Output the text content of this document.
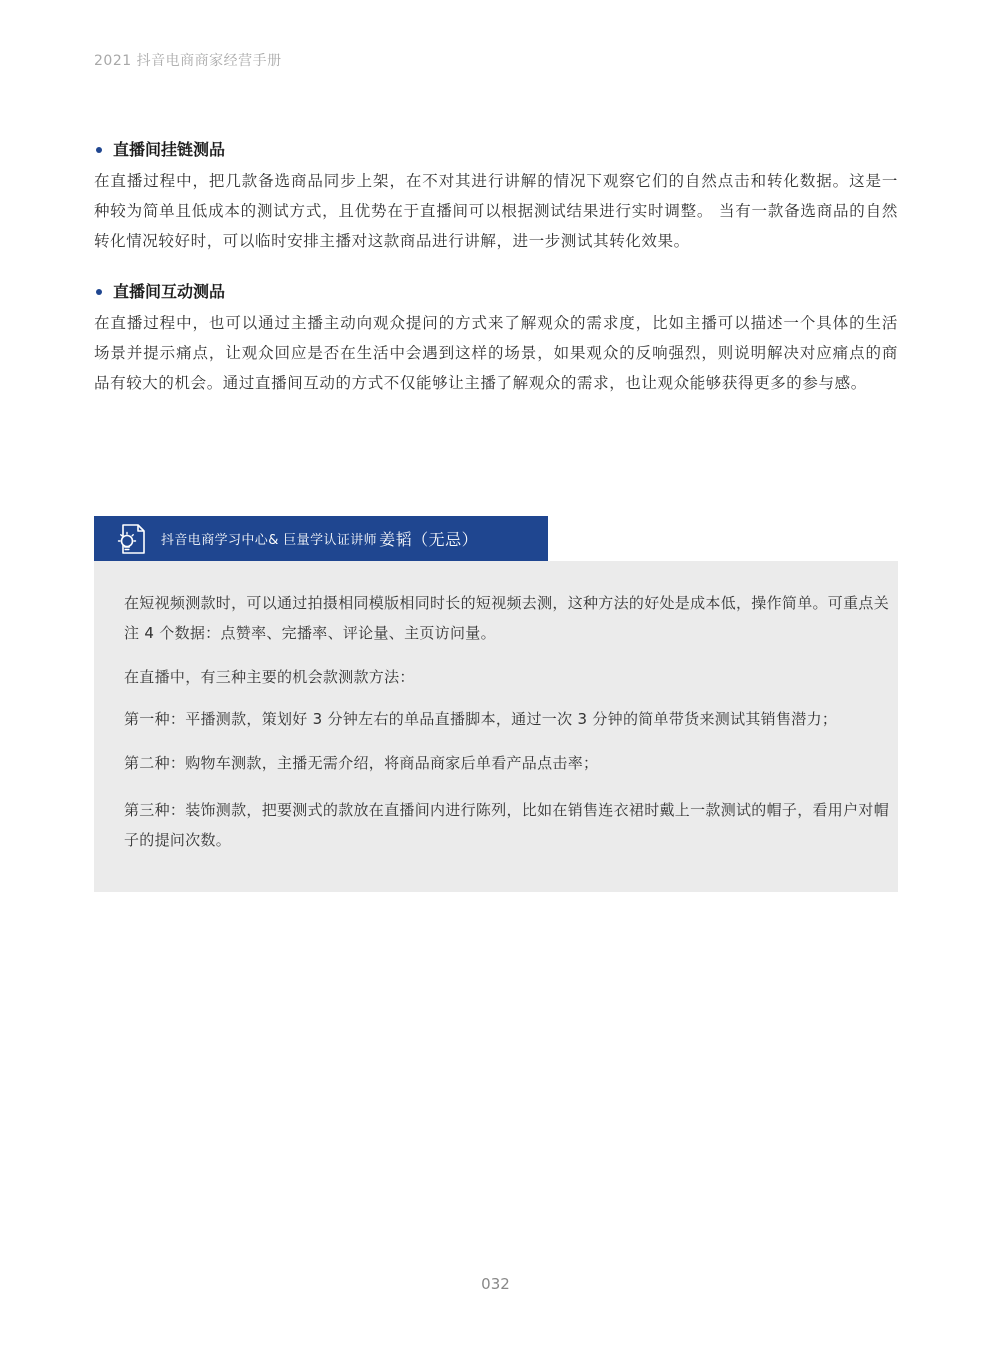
2021 抖音电商商家经营手册
直播间挂链测品

在直播过程中，把几款备选商品同步上架，在不对其进行讲解的情况下观察它们的自然点击和转化数据。这是一种较为简单且低成本的测试方式，且优势在于直播间可以根据测试结果进行实时调整。 当有一款备选商品的自然转化情况较好时，可以临时安排主播对这款商品进行讲解，进一步测试其转化效果。

直播间互动测品

在直播过程中，也可以通过主播主动向观众提问的方式来了解观众的需求度，比如主播可以描述一个具体的生活场景并提示痛点，让观众回应是否在生活中会遇到这样的场景，如果观众的反响强烈，则说明解决对应痛点的商品有较大的机会。通过直播间互动的方式不仅能够让主播了解观众的需求，也让观众能够获得更多的参与感。

抖音电商学习中心& 巨量学认证讲师 姜韬（无忌）
在短视频测款时，可以通过拍摄相同模版相同时长的短视频去测，这种方法的好处是成本低，操作简单。可重点关注 4 个数据：点赞率、完播率、评论量、主页访问量。
在直播中，有三种主要的机会款测款方法：
第一种：平播测款，策划好 3 分钟左右的单品直播脚本，通过一次 3 分钟的简单带货来测试其销售潜力；
第二种：购物车测款，主播无需介绍，将商品商家后单看产品点击率；
第三种：装饰测款，把要测式的款放在直播间内进行陈列，比如在销售连衣裙时戴上一款测试的帽子，看用户对帽子的提问次数。
032
